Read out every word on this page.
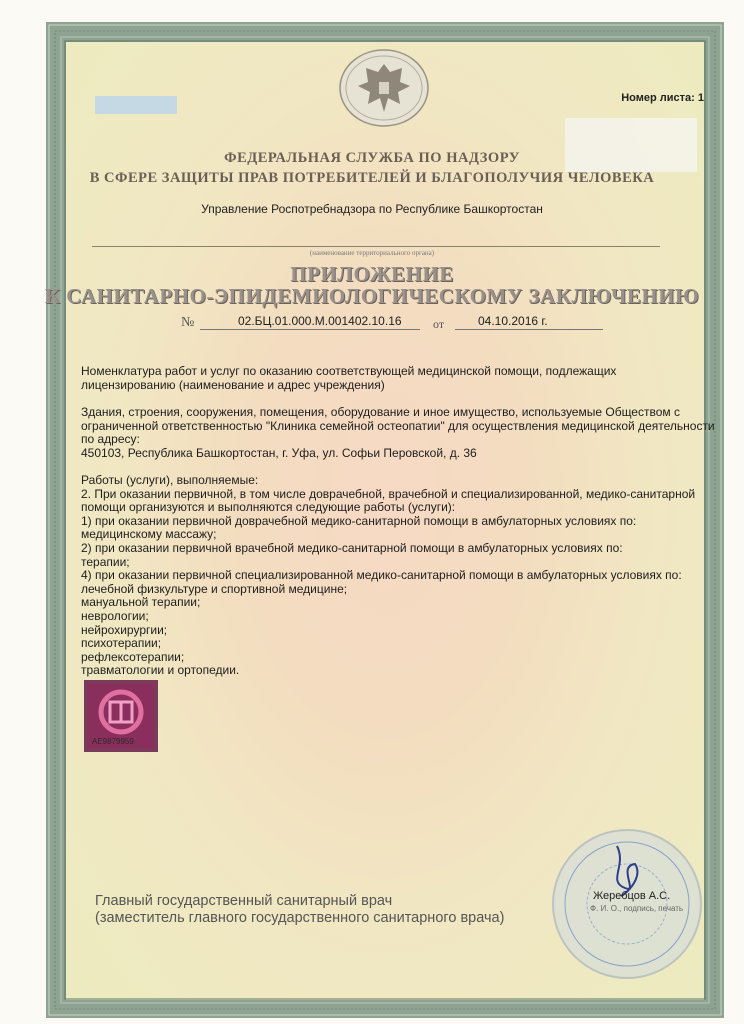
Номер листа: 1
ФЕДЕРАЛЬНАЯ СЛУЖБА ПО НАДЗОРУ
В СФЕРЕ ЗАЩИТЫ ПРАВ ПОТРЕБИТЕЛЕЙ И БЛАГОПОЛУЧИЯ ЧЕЛОВЕКА
Управление Роспотребнадзора по Республике Башкортостан
(наименование территориального органа)
ПРИЛОЖЕНИЕ
К САНИТАРНО-ЭПИДЕМИОЛОГИЧЕСКОМУ ЗАКЛЮЧЕНИЮ
№	02.БЦ.01.000.М.001402.10.16	от	04.10.2016 г.
Номенклатура работ и услуг по оказанию соответствующей медицинской помощи, подлежащих
лицензированию (наименование и адрес учреждения)
Здания, строения, сооружения, помещения, оборудование и иное имущество, используемые Обществом с
ограниченной ответственностью "Клиника семейной остеопатии" для осуществления медицинской деятельности
по адресу:
450103, Республика Башкортостан, г. Уфа, ул. Софьи Перовской, д. 36
Работы (услуги), выполняемые:
2. При оказании первичной, в том числе доврачебной, врачебной и специализированной, медико-санитарной
помощи организуются и выполняются следующие работы (услуги):
1) при оказании первичной доврачебной медико-санитарной помощи в амбулаторных условиях по:
медицинскому массажу;
2) при оказании первичной врачебной медико-санитарной помощи в амбулаторных условиях по:
терапии;
4) при оказании первичной специализированной медико-санитарной помощи в амбулаторных условиях по:
лечебной физкультуре и спортивной медицине;
мануальной терапии;
неврологии;
нейрохирургии;
психотерапии;
рефлексотерапии;
травматологии и ортопедии.
АЕ9879959
Главный государственный санитарный врач
(заместитель главного государственного санитарного врача)
Жеребцов А.С.
Ф. И. О., подпись, печать
